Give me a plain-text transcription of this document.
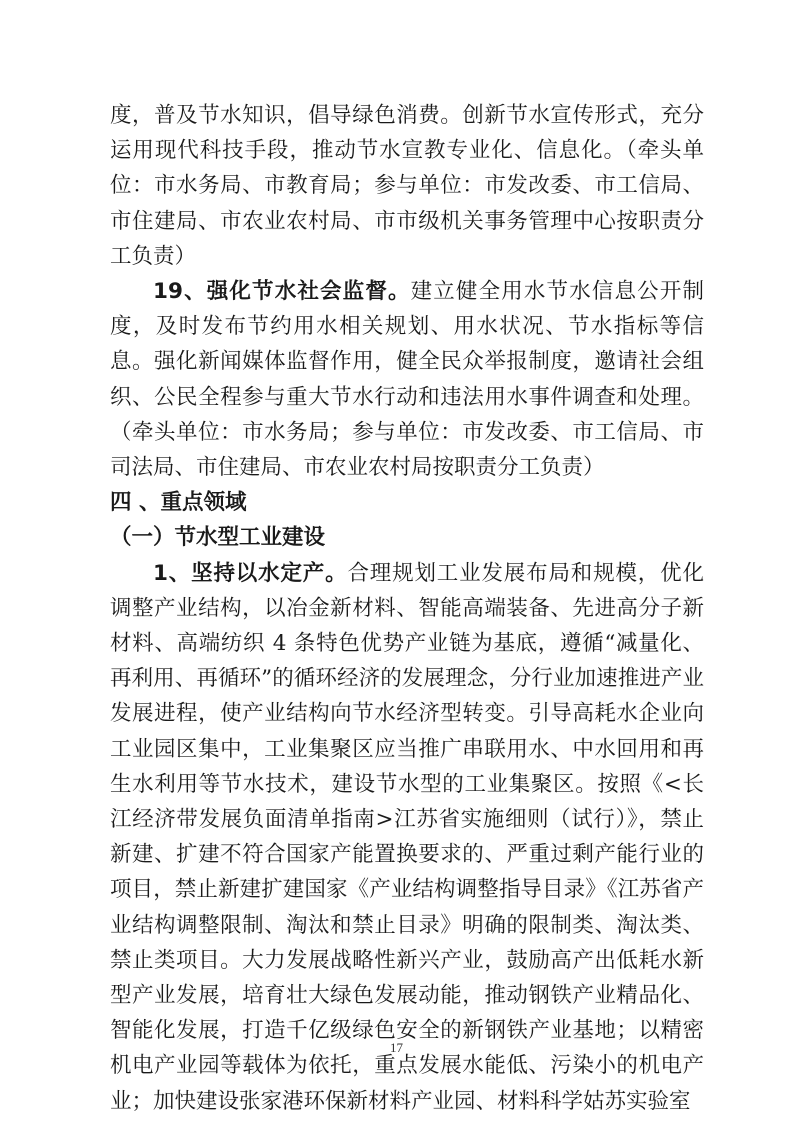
度，普及节水知识，倡导绿色消费。创新节水宣传形式，充分运用现代科技手段，推动节水宣教专业化、信息化。（牵头单位：市水务局、市教育局；参与单位：市发改委、市工信局、市住建局、市农业农村局、市市级机关事务管理中心按职责分工负责）

19、强化节水社会监督。建立健全用水节水信息公开制度，及时发布节约用水相关规划、用水状况、节水指标等信息。强化新闻媒体监督作用，健全民众举报制度，邀请社会组织、公民全程参与重大节水行动和违法用水事件调查和处理。（牵头单位：市水务局；参与单位：市发改委、市工信局、市司法局、市住建局、市农业农村局按职责分工负责）

四 、重点领域

（一）节水型工业建设

1、坚持以水定产。合理规划工业发展布局和规模，优化调整产业结构，以冶金新材料、智能高端装备、先进高分子新材料、高端纺织 4 条特色优势产业链为基底，遵循“减量化、再利用、再循环”的循环经济的发展理念，分行业加速推进产业发展进程，使产业结构向节水经济型转变。引导高耗水企业向工业园区集中，工业集聚区应当推广串联用水、中水回用和再生水利用等节水技术，建设节水型的工业集聚区。按照《<长江经济带发展负面清单指南>江苏省实施细则（试行）》，禁止新建、扩建不符合国家产能置换要求的、严重过剩产能行业的项目，禁止新建扩建国家《产业结构调整指导目录》《江苏省产业结构调整限制、淘汰和禁止目录》明确的限制类、淘汰类、禁止类项目。大力发展战略性新兴产业，鼓励高产出低耗水新型产业发展，培育壮大绿色发展动能，推动钢铁产业精品化、智能化发展，打造千亿级绿色安全的新钢铁产业基地；以精密机电产业园等载体为依托，重点发展水能低、污染小的机电产业；加快建设张家港环保新材料产业园、材料科学姑苏实验室

17
